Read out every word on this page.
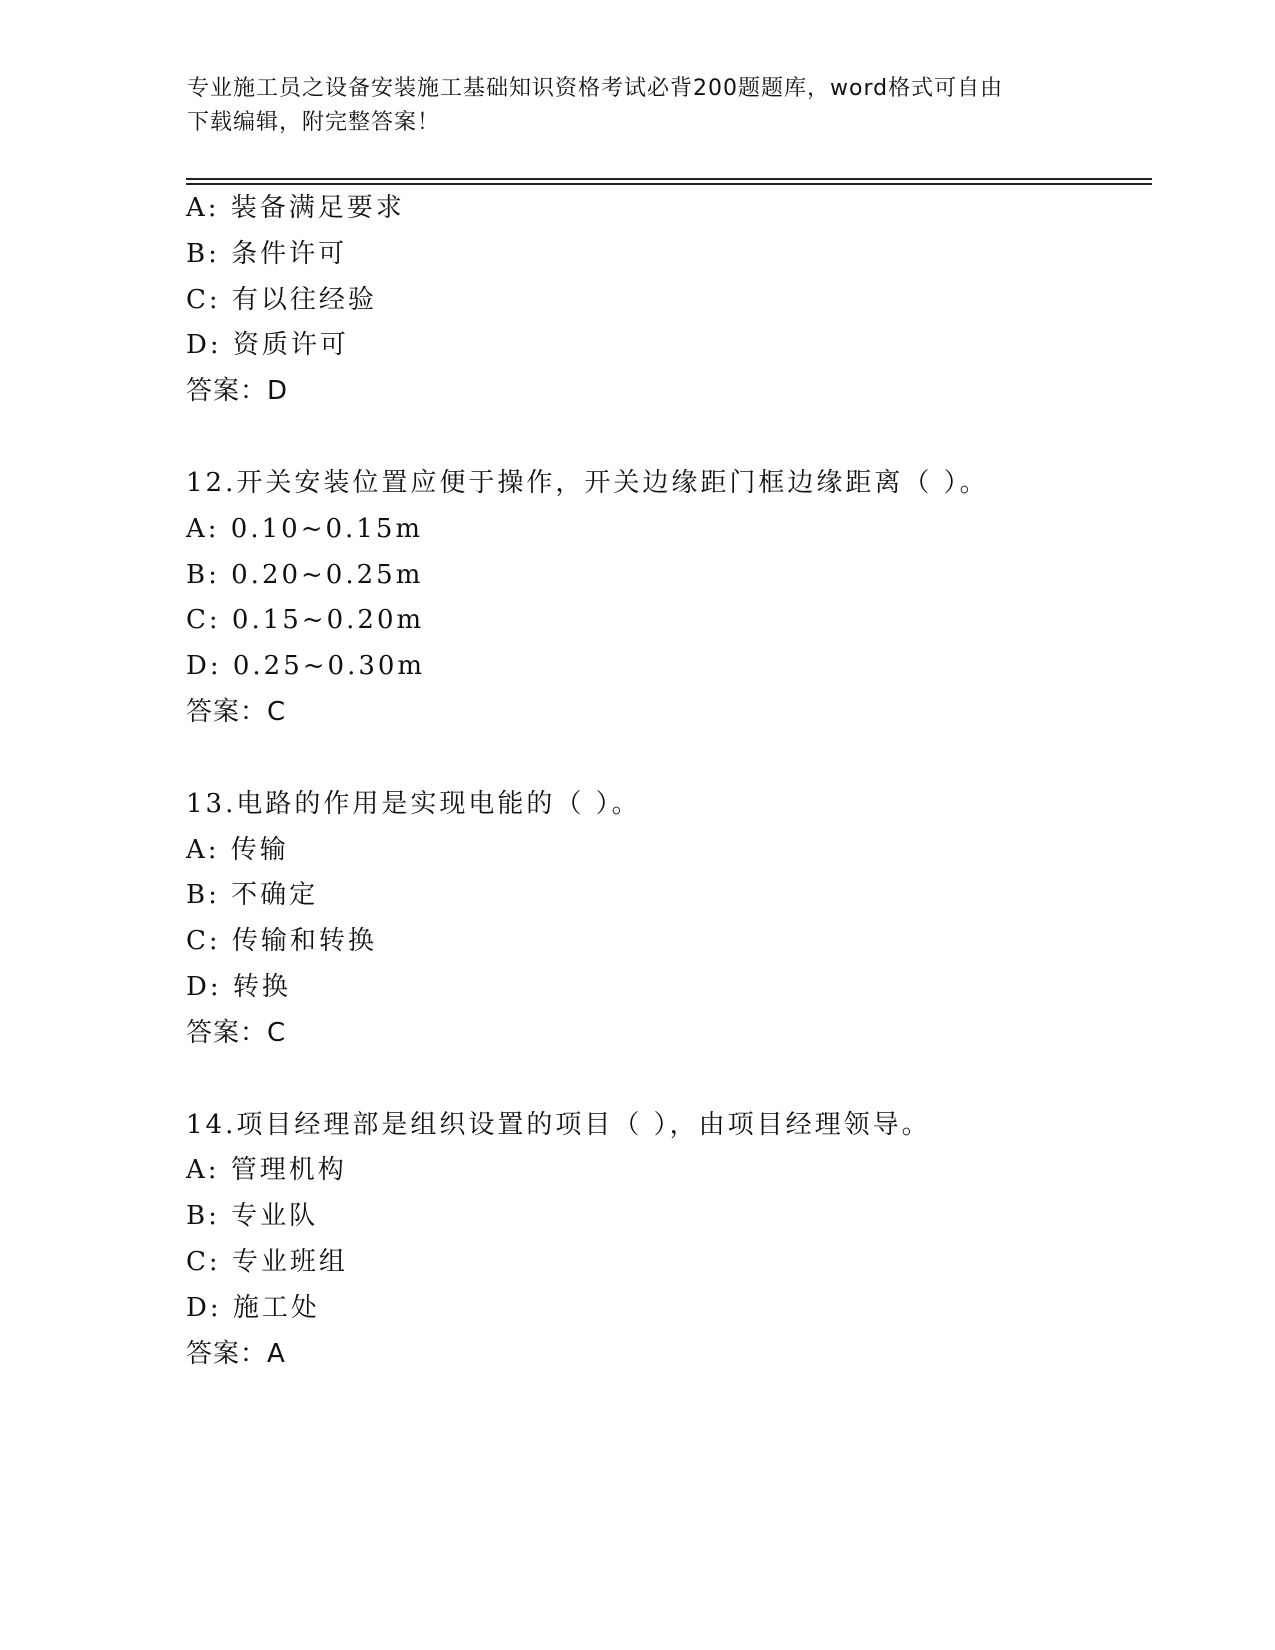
专业施工员之设备安装施工基础知识资格考试必背200题题库，word格式可自由
下载编辑，附完整答案！
A: 装备满足要求
B: 条件许可
C: 有以往经验
D: 资质许可
答案：D
12.开关安装位置应便于操作，开关边缘距门框边缘距离（ ）。
A: 0.10~0.15m
B: 0.20~0.25m
C: 0.15~0.20m
D: 0.25~0.30m
答案：C
13.电路的作用是实现电能的（ ）。
A: 传输
B: 不确定
C: 传输和转换
D: 转换
答案：C
14.项目经理部是组织设置的项目（ ），由项目经理领导。
A: 管理机构
B: 专业队
C: 专业班组
D: 施工处
答案：A
